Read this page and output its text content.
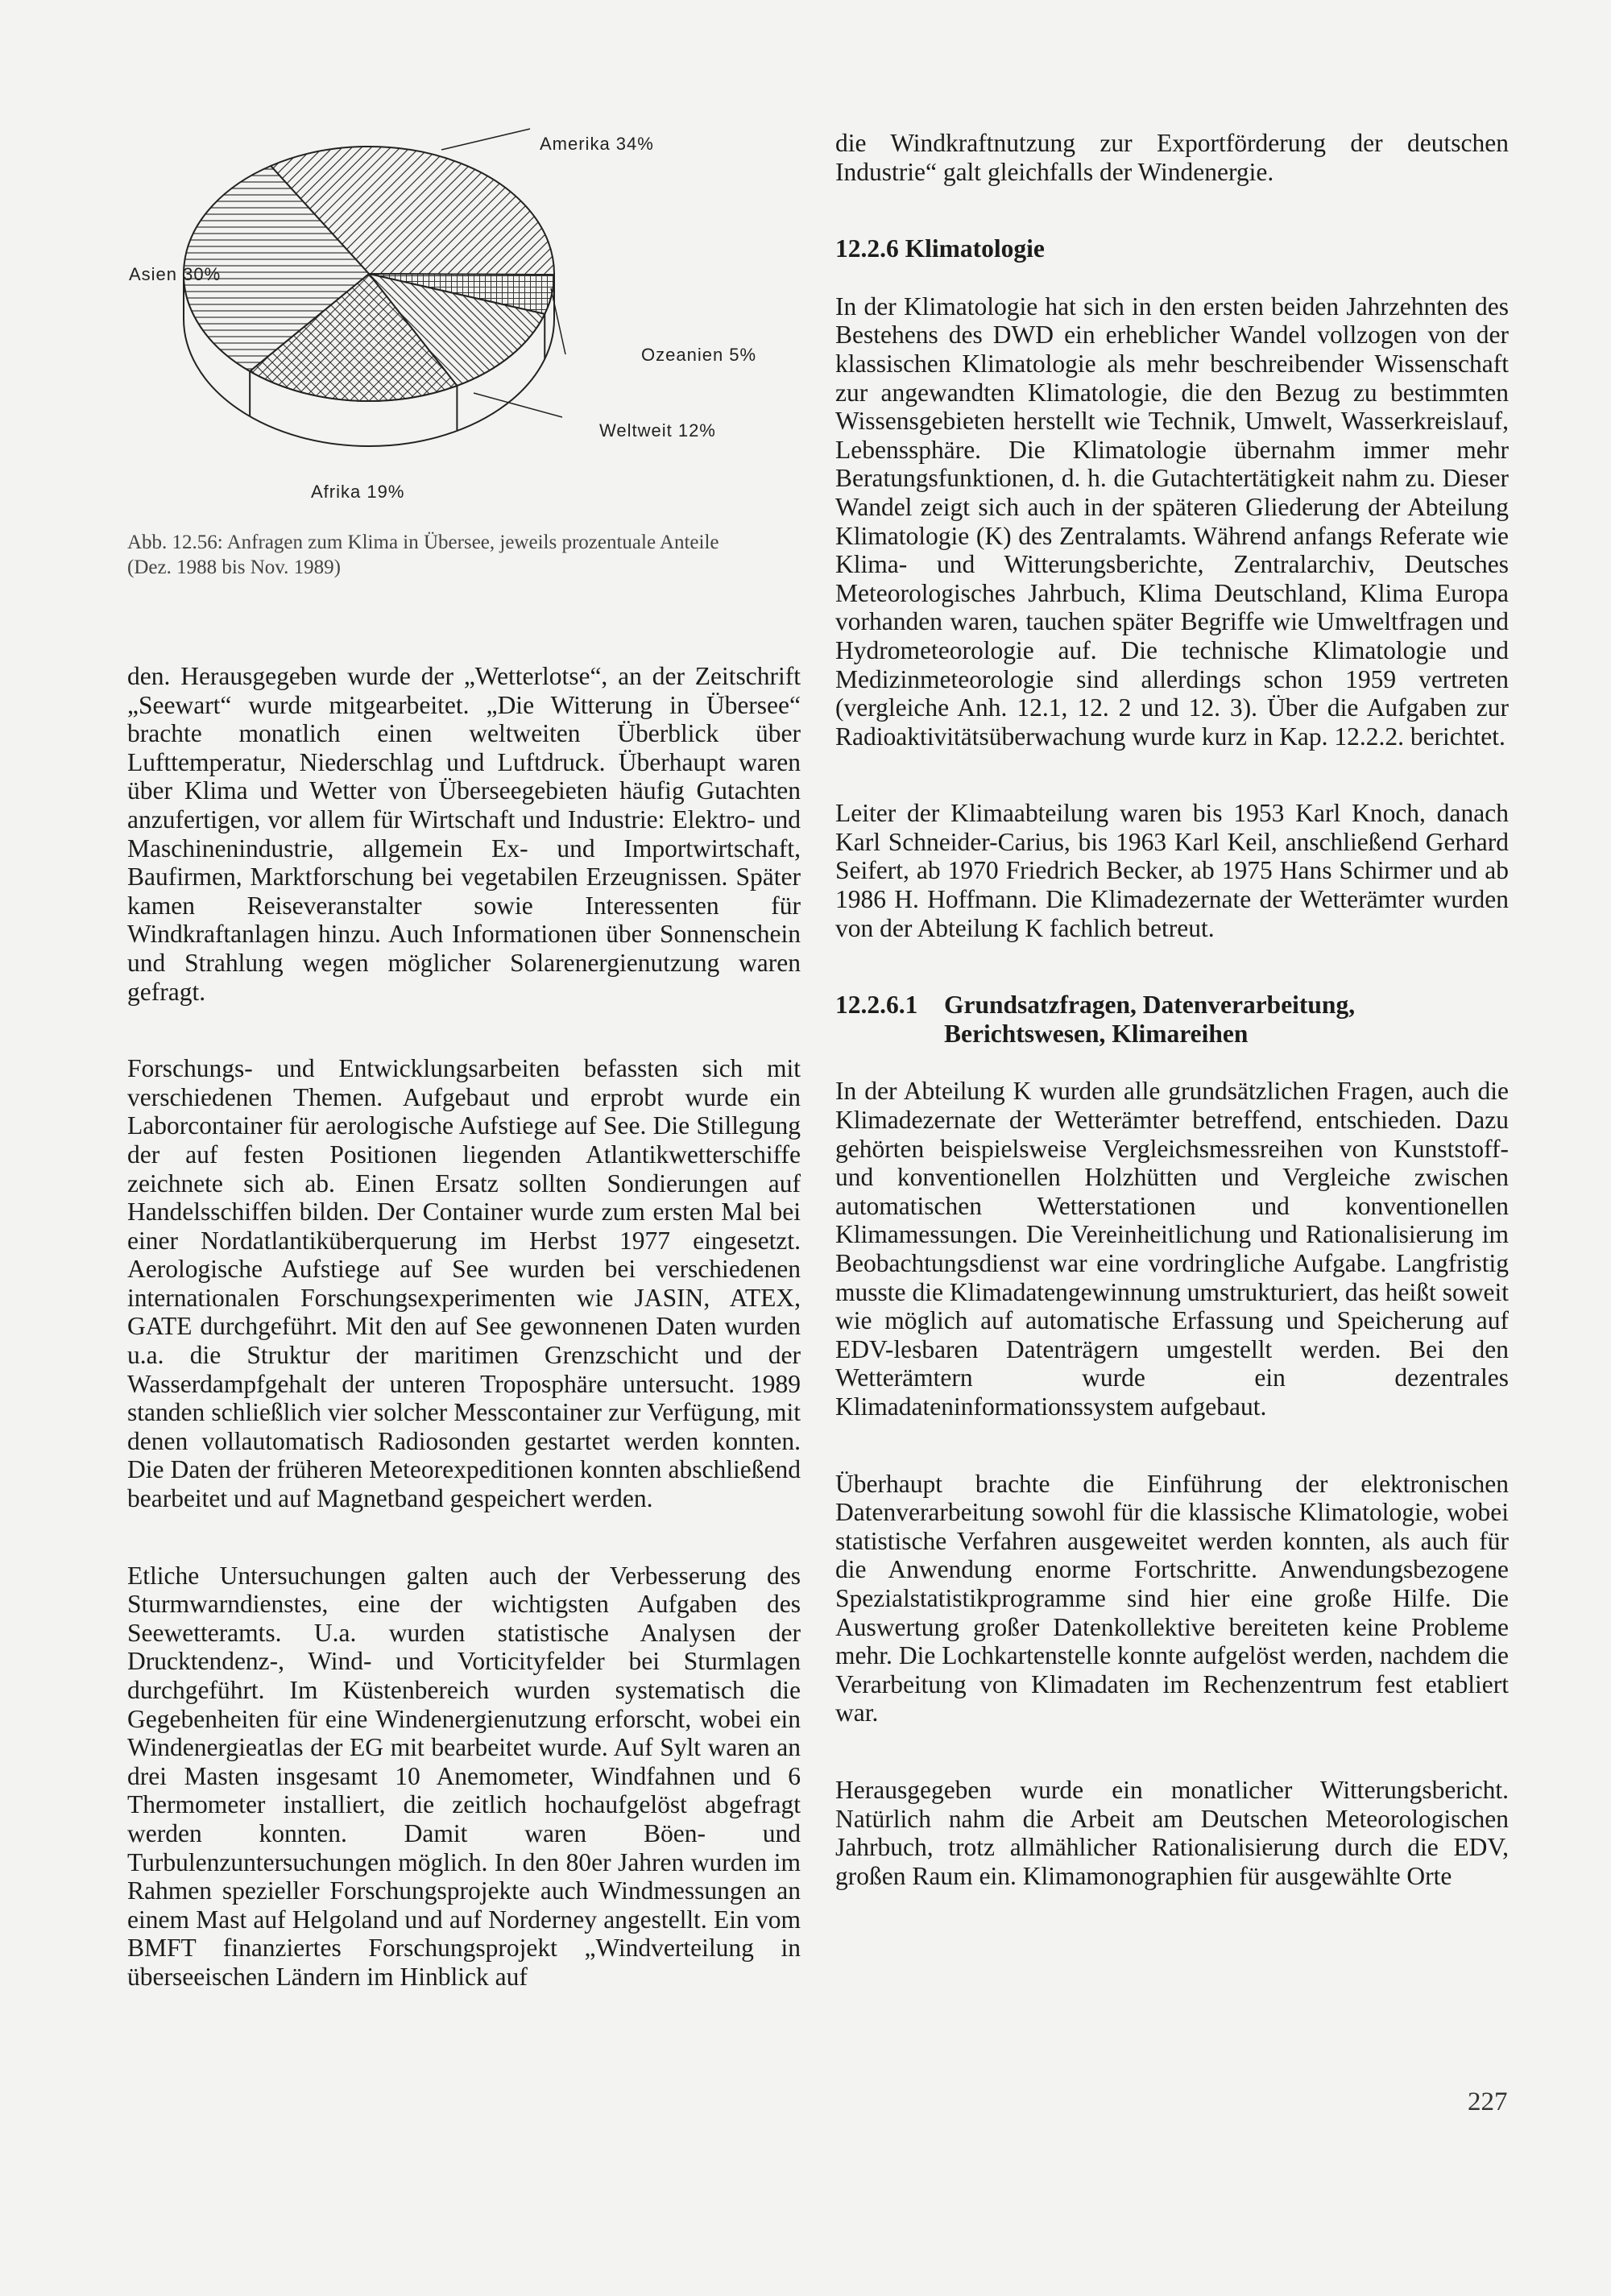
Amerika 34%
Asien 30%
Ozeanien 5%
Weltweit 12%
Afrika 19%
Abb. 12.56: Anfragen zum Klima in Übersee, jeweils prozentuale Anteile
(Dez. 1988 bis Nov. 1989)

den. Herausgegeben wurde der „Wetterlotse“, an der Zeitschrift „Seewart“ wurde mitgearbeitet. „Die Witterung in Übersee“ brachte monatlich einen weltweiten Überblick über Lufttemperatur, Niederschlag und Luftdruck. Überhaupt waren über Klima und Wetter von Überseegebieten häufig Gutachten anzufertigen, vor allem für Wirtschaft und Industrie: Elektro- und Maschinenindustrie, allgemein Ex- und Importwirtschaft, Baufirmen, Marktforschung bei vegetabilen Erzeugnissen. Später kamen Reiseveranstalter sowie Interessenten für Windkraftanlagen hinzu. Auch Informationen über Sonnenschein und Strahlung wegen möglicher Solarenergienutzung waren gefragt.

Forschungs- und Entwicklungsarbeiten befassten sich mit verschiedenen Themen. Aufgebaut und erprobt wurde ein Laborcontainer für aerologische Aufstiege auf See. Die Stillegung der auf festen Positionen liegenden Atlantikwetterschiffe zeichnete sich ab. Einen Ersatz sollten Sondierungen auf Handelsschiffen bilden. Der Container wurde zum ersten Mal bei einer Nordatlantiküberquerung im Herbst 1977 eingesetzt. Aerologische Aufstiege auf See wurden bei verschiedenen internationalen Forschungsexperimenten wie JASIN, ATEX, GATE durchgeführt. Mit den auf See gewonnenen Daten wurden u.a. die Struktur der maritimen Grenzschicht und der Wasserdampfgehalt der unteren Troposphäre untersucht. 1989 standen schließlich vier solcher Messcontainer zur Verfügung, mit denen vollautomatisch Radiosonden gestartet werden konnten. Die Daten der früheren Meteorexpeditionen konnten abschließend bearbeitet und auf Magnetband gespeichert werden.

Etliche Untersuchungen galten auch der Verbesserung des Sturmwarndienstes, eine der wichtigsten Aufgaben des Seewetteramts. U.a. wurden statistische Analysen der Drucktendenz-, Wind- und Vorticityfelder bei Sturmlagen durchgeführt. Im Küstenbereich wurden systematisch die Gegebenheiten für eine Windenergienutzung erforscht, wobei ein Windenergieatlas der EG mit bearbeitet wurde. Auf Sylt waren an drei Masten insgesamt 10 Anemometer, Windfahnen und 6 Thermometer installiert, die zeitlich hochaufgelöst abgefragt werden konnten. Damit waren Böen- und Turbulenzuntersuchungen möglich. In den 80er Jahren wurden im Rahmen spezieller Forschungsprojekte auch Windmessungen an einem Mast auf Helgoland und auf Norderney angestellt. Ein vom BMFT finanziertes Forschungsprojekt „Windverteilung in überseeischen Ländern im Hinblick auf

die Windkraftnutzung zur Exportförderung der deutschen Industrie“ galt gleichfalls der Windenergie.

12.2.6 Klimatologie

In der Klimatologie hat sich in den ersten beiden Jahrzehnten des Bestehens des DWD ein erheblicher Wandel vollzogen von der klassischen Klimatologie als mehr beschreibender Wissenschaft zur angewandten Klimatologie, die den Bezug zu bestimmten Wissensgebieten herstellt wie Technik, Umwelt, Wasserkreislauf, Lebenssphäre. Die Klimatologie übernahm immer mehr Beratungsfunktionen, d. h. die Gutachtertätigkeit nahm zu. Dieser Wandel zeigt sich auch in der späteren Gliederung der Abteilung Klimatologie (K) des Zentralamts. Während anfangs Referate wie Klima- und Witterungsberichte, Zentralarchiv, Deutsches Meteorologisches Jahrbuch, Klima Deutschland, Klima Europa vorhanden waren, tauchen später Begriffe wie Umweltfragen und Hydrometeorologie auf. Die technische Klimatologie und Medizinmeteorologie sind allerdings schon 1959 vertreten (vergleiche Anh. 12.1, 12. 2 und 12. 3). Über die Aufgaben zur Radioaktivitätsüberwachung wurde kurz in Kap. 12.2.2. berichtet.

Leiter der Klimaabteilung waren bis 1953 Karl Knoch, danach Karl Schneider-Carius, bis 1963 Karl Keil, anschließend Gerhard Seifert, ab 1970 Friedrich Becker, ab 1975 Hans Schirmer und ab 1986 H. Hoffmann. Die Klimadezernate der Wetterämter wurden von der Abteilung K fachlich betreut.

12.2.6.1 Grundsatzfragen, Datenverarbeitung,
Berichtswesen, Klimareihen

In der Abteilung K wurden alle grundsätzlichen Fragen, auch die Klimadezernate der Wetterämter betreffend, entschieden. Dazu gehörten beispielsweise Vergleichsmessreihen von Kunststoff- und konventionellen Holzhütten und Vergleiche zwischen automatischen Wetterstationen und konventionellen Klimamessungen. Die Vereinheitlichung und Rationalisierung im Beobachtungsdienst war eine vordringliche Aufgabe. Langfristig musste die Klimadatengewinnung umstrukturiert, das heißt soweit wie möglich auf automatische Erfassung und Speicherung auf EDV-lesbaren Datenträgern umgestellt werden. Bei den Wetterämtern wurde ein dezentrales Klimadateninformationssystem aufgebaut.

Überhaupt brachte die Einführung der elektronischen Datenverarbeitung sowohl für die klassische Klimatologie, wobei statistische Verfahren ausgeweitet werden konnten, als auch für die Anwendung enorme Fortschritte. Anwendungsbezogene Spezialstatistikprogramme sind hier eine große Hilfe. Die Auswertung großer Datenkollektive bereiteten keine Probleme mehr. Die Lochkartenstelle konnte aufgelöst werden, nachdem die Verarbeitung von Klimadaten im Rechenzentrum fest etabliert war.

Herausgegeben wurde ein monatlicher Witterungsbericht. Natürlich nahm die Arbeit am Deutschen Meteorologischen Jahrbuch, trotz allmählicher Rationalisierung durch die EDV, großen Raum ein. Klimamonographien für ausgewählte Orte

227
